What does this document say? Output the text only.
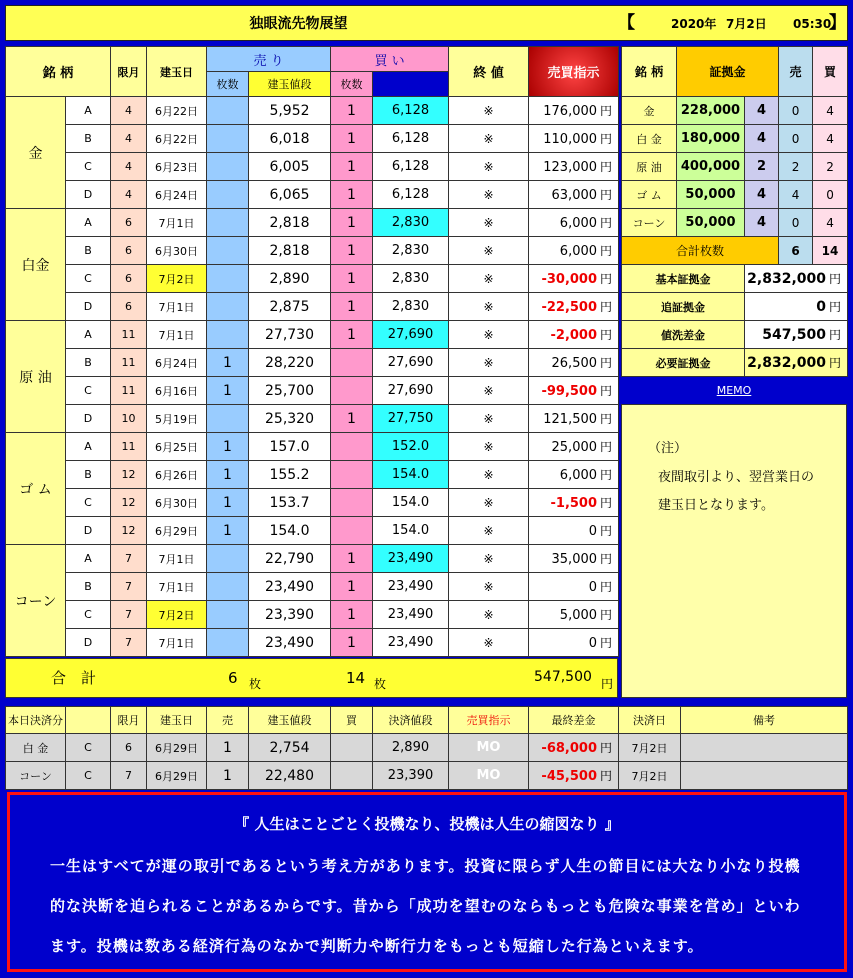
独眼流先物展望	【	2020年 7月2日 05:30
】
銘 柄		限月	建玉日	売 り		買 い		終 値	売買指示	
				枚数	建玉値段	枚数				
金	A	4	6月22日		5,952	1	6,128	※	176,000 円	
	B	4	6月22日		6,018	1	6,128	※	110,000 円	
	C	4	6月23日		6,005	1	6,128	※	123,000 円	
	D	4	6月24日		6,065	1	6,128	※	63,000 円	
白金	A	6	7月1日		2,818	1	2,830	※	6,000 円	
	B	6	6月30日		2,818	1	2,830	※	6,000 円	
	C	6	7月2日		2,890	1	2,830	※	-30,000 円	
	D	6	7月1日		2,875	1	2,830	※	-22,500 円	
原 油	A	11	7月1日		27,730	1	27,690	※	-2,000 円	
	B	11	6月24日	1	28,220		27,690	※	26,500 円	
	C	11	6月16日	1	25,700		27,690	※	-99,500 円	
	D	10	5月19日		25,320	1	27,750	※	121,500 円	
ゴ ム	A	11	6月25日	1	157.0		152.0	※	25,000 円	
	B	12	6月26日	1	155.2		154.0	※	6,000 円	
	C	12	6月30日	1	153.7		154.0	※	-1,500 円	
	D	12	6月29日	1	154.0		154.0	※	0 円	
コーン	A	7	7月1日		22,790	1	23,490	※	35,000 円	
	B	7	7月1日		23,490	1	23,490	※	0 円	
	C	7	7月2日		23,390	1	23,490	※	5,000 円	
	D	7	7月1日		23,490	1	23,490	※	0 円	
合　計	6 枚	14 枚	547,500 円
銘 柄	証拠金		売	買
金	228,000	4	0	4
白 金	180,000	4	0	4
原 油	400,000	2	2	2
ゴ ム	50,000	4	4	0
コーン	50,000	4	0	4
合計枚数			6	14
基本証拠金		2,832,000 円		
追証拠金		0 円		
値洗差金		547,500 円		
必要証拠金		2,832,000 円		
MEMO
（注）
夜間取引より、翌営業日の
建玉日となります。
本日決済分		限月	建玉日	売	建玉値段	買	決済値段	売買指示	最終差金	決済日	備考
白 金	C	6	6月29日	1	2,754		2,890	MO	-68,000 円	7月2日	
コーン	C	7	6月29日	1	22,480		23,390	MO	-45,500 円	7月2日	
『 人生はことごとく投機なり、投機は人生の縮図なり 』
一生はすべてが運の取引であるという考え方があります。投資に限らず人生の節目には大なり小なり投機
的な決断を迫られることがあるからです。昔から「成功を望むのならもっとも危険な事業を営め」といわ
ます。投機は数ある経済行為のなかで判断力や断行力をもっとも短縮した行為といえます。
